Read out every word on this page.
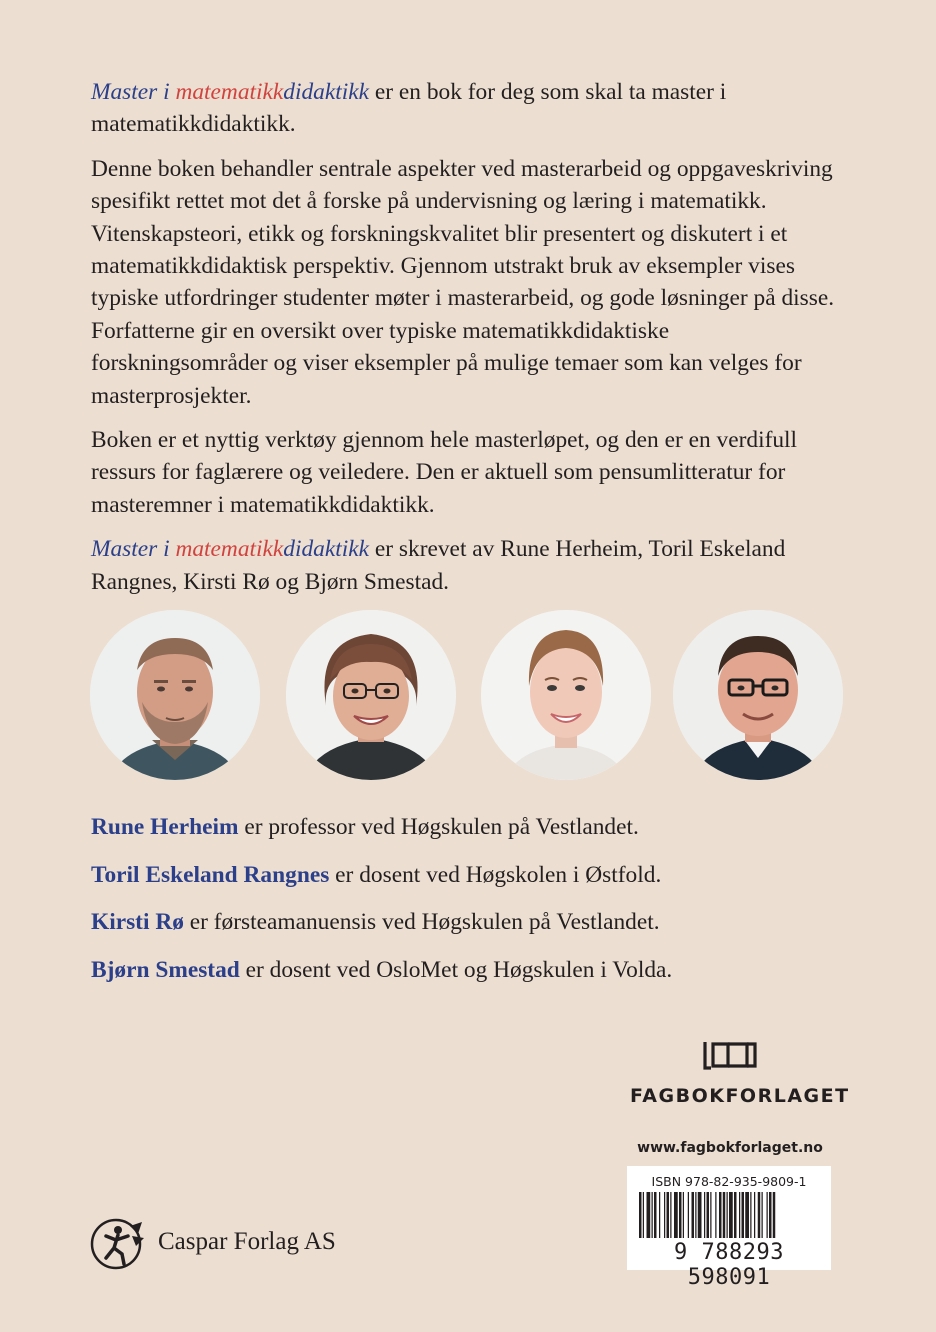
Master i matematikkdidaktikk er en bok for deg som skal ta master i matematikkdidaktikk.

Denne boken behandler sentrale aspekter ved masterarbeid og oppgaveskriving spesifikt rettet mot det å forske på undervisning og læring i matematikk. Vitenskapsteori, etikk og forskningskvalitet blir presentert og diskutert i et matematikkdidaktisk perspektiv. Gjennom utstrakt bruk av eksempler vises typiske utfordringer studenter møter i masterarbeid, og gode løsninger på disse. Forfatterne gir en oversikt over typiske matematikkdidaktiske forskningsområder og viser eksempler på mulige temaer som kan velges for masterprosjekter.

Boken er et nyttig verktøy gjennom hele masterløpet, og den er en verdifull ressurs for faglærere og veiledere. Den er aktuell som pensumlitteratur for masteremner i matematikkdidaktikk.

Master i matematikkdidaktikk er skrevet av Rune Herheim, Toril Eskeland Rangnes, Kirsti Rø og Bjørn Smestad.

Rune Herheim er professor ved Høgskulen på Vestlandet.
Toril Eskeland Rangnes er dosent ved Høgskolen i Østfold.
Kirsti Rø er førsteamanuensis ved Høgskulen på Vestlandet.
Bjørn Smestad er dosent ved OsloMet og Høgskulen i Volda.
FAGBOKFORLAGET
www.fagbokforlaget.no
ISBN 978-82-935-9809-1
9 788293 598091
Caspar Forlag AS
